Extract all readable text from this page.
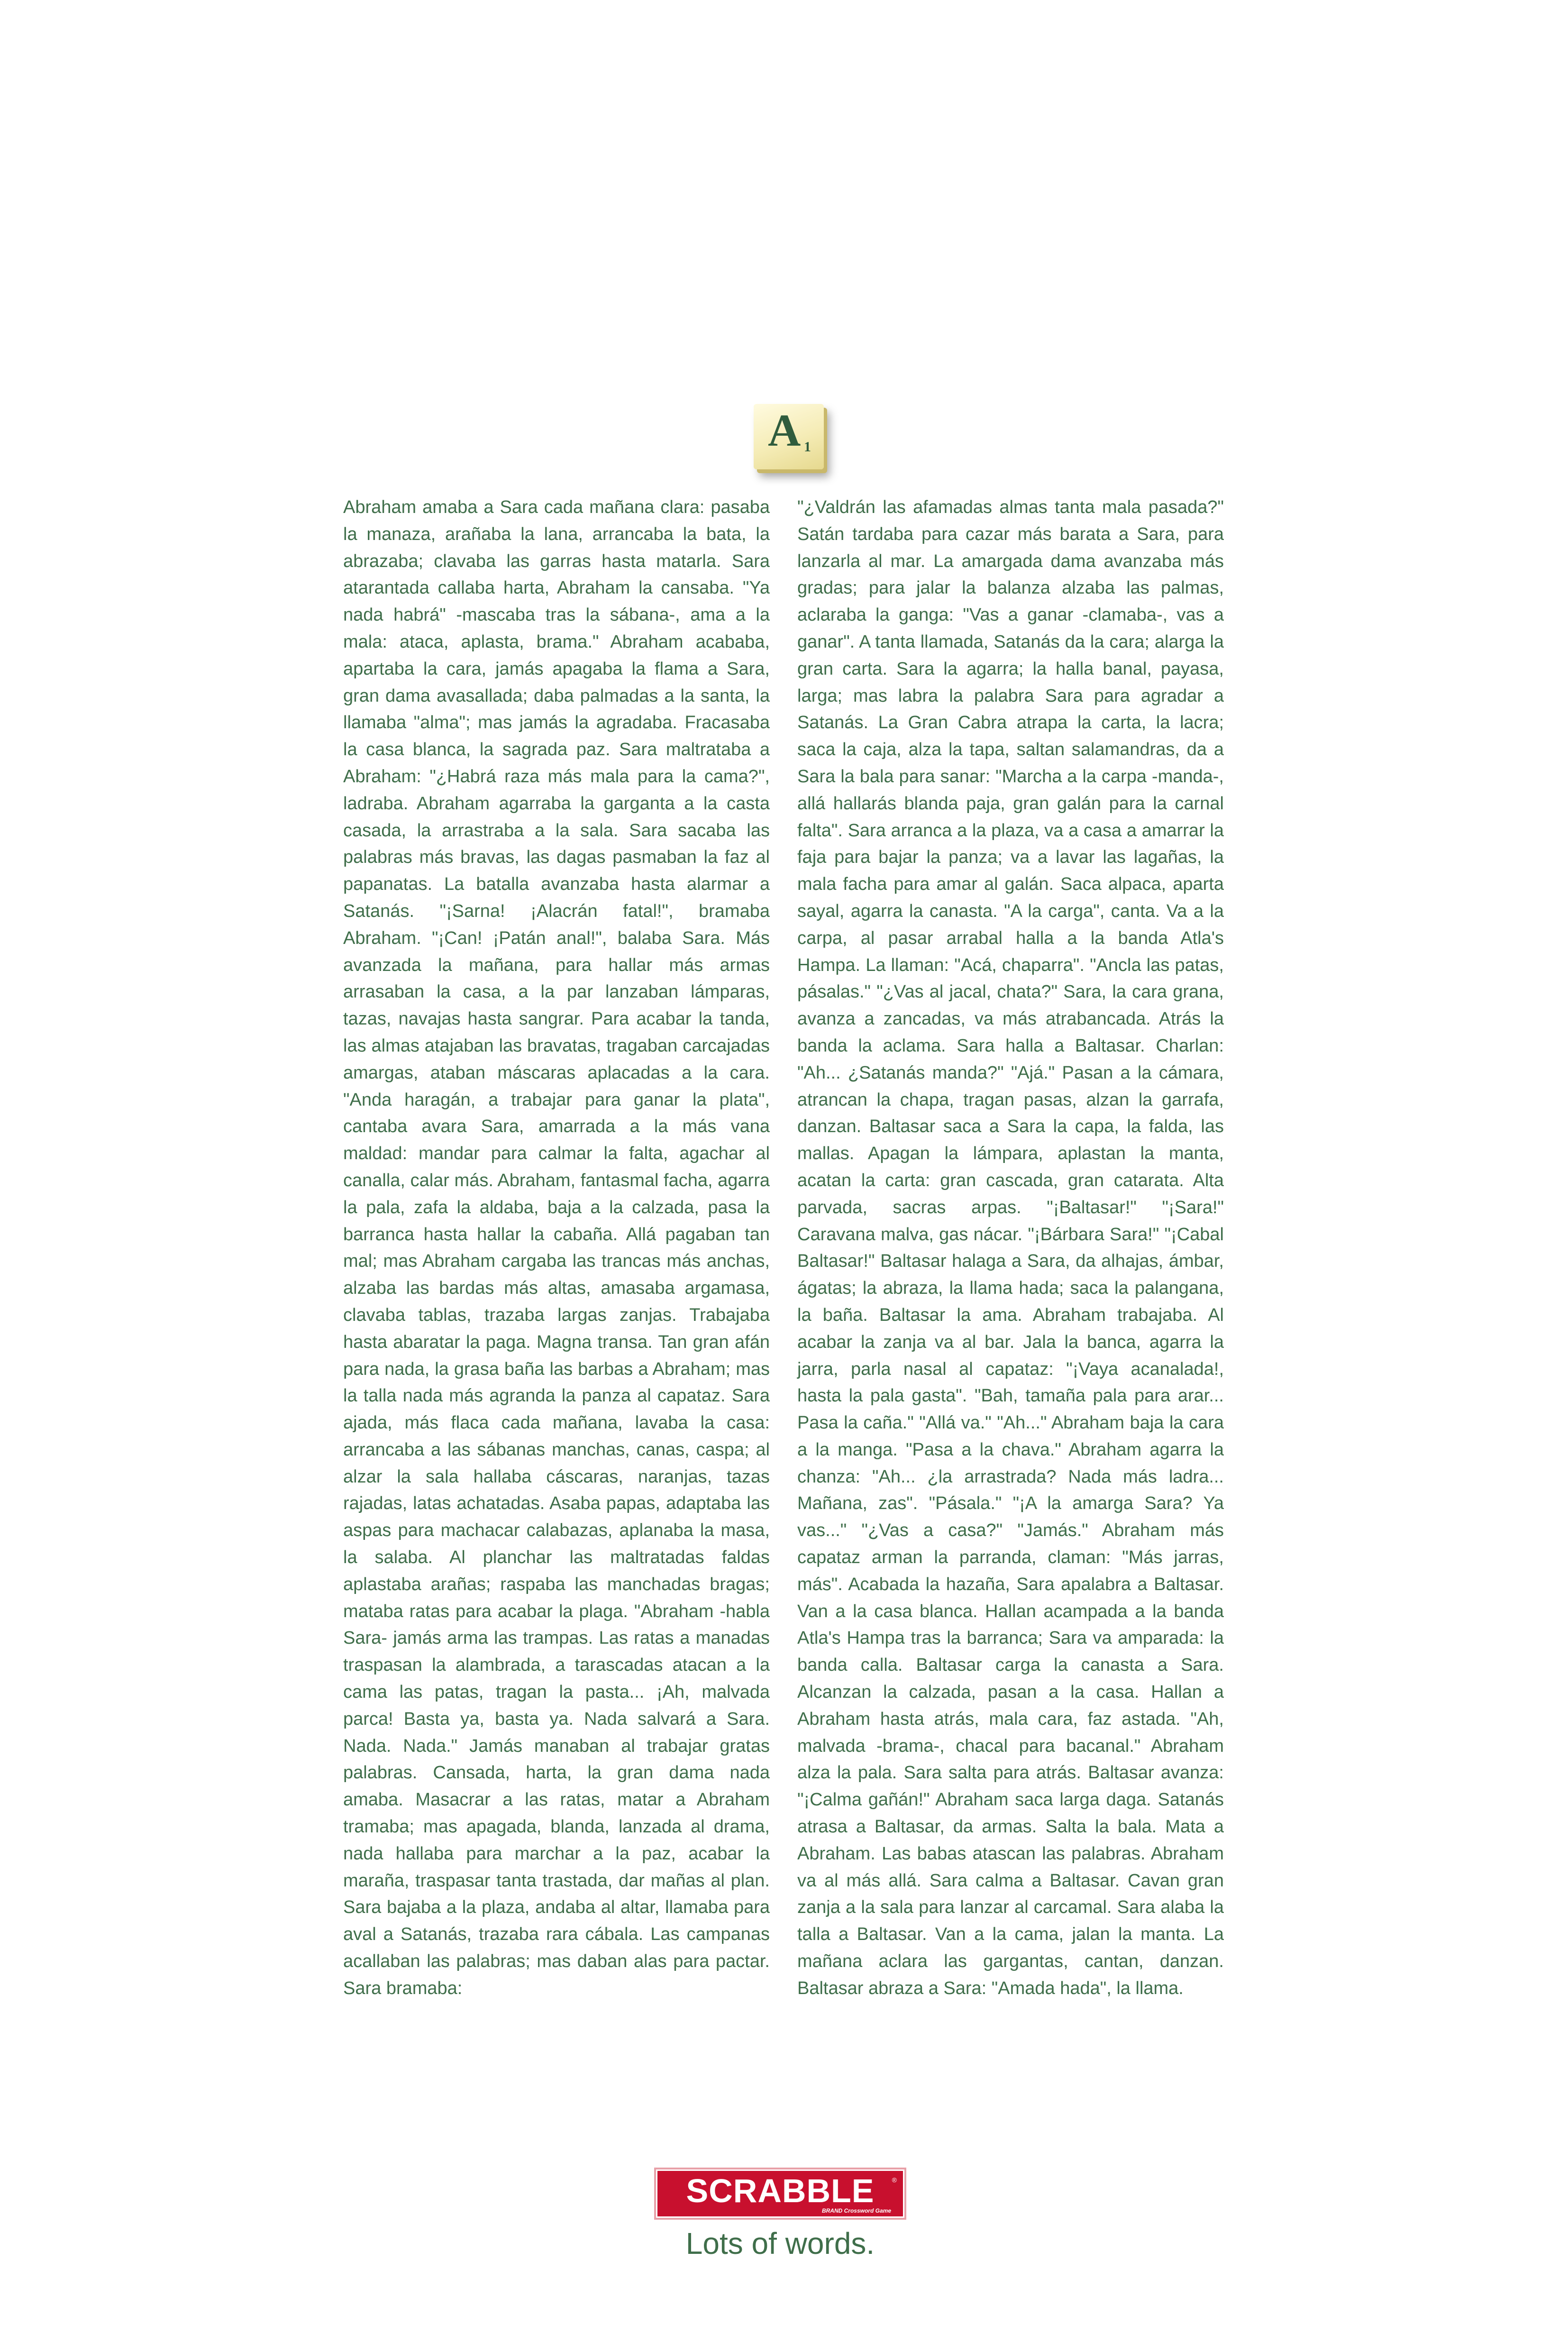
A 1

Abraham amaba a Sara cada mañana clara: pasaba la manaza, arañaba la lana, arrancaba la bata, la abrazaba; clavaba las garras hasta matarla. Sara atarantada callaba harta, Abraham la cansaba. "Ya nada habrá" -mascaba tras la sábana-, ama a la mala: ataca, aplasta, brama." Abraham acababa, apartaba la cara, jamás apagaba la flama a Sara, gran dama avasallada; daba palmadas a la santa, la llamaba "alma"; mas jamás la agradaba. Fracasaba la casa blanca, la sagrada paz. Sara maltrataba a Abraham: "¿Habrá raza más mala para la cama?", ladraba. Abraham agarraba la garganta a la casta casada, la arrastraba a la sala. Sara sacaba las palabras más bravas, las dagas pasmaban la faz al papanatas. La batalla avanzaba hasta alarmar a Satanás. "¡Sarna! ¡Alacrán fatal!", bramaba Abraham. "¡Can! ¡Patán anal!", balaba Sara. Más avanzada la mañana, para hallar más armas arrasaban la casa, a la par lanzaban lámparas, tazas, navajas hasta sangrar. Para acabar la tanda, las almas atajaban las bravatas, tragaban carcajadas amargas, ataban máscaras aplacadas a la cara. "Anda haragán, a trabajar para ganar la plata", cantaba avara Sara, amarrada a la más vana maldad: mandar para calmar la falta, agachar al canalla, calar más. Abraham, fantasmal facha, agarra la pala, zafa la aldaba, baja a la calzada, pasa la barranca hasta hallar la cabaña. Allá pagaban tan mal; mas Abraham cargaba las trancas más anchas, alzaba las bardas más altas, amasaba argamasa, clavaba tablas, trazaba largas zanjas. Trabajaba hasta abaratar la paga. Magna transa. Tan gran afán para nada, la grasa baña las barbas a Abraham; mas la talla nada más agranda la panza al capataz. Sara ajada, más flaca cada mañana, lavaba la casa: arrancaba a las sábanas manchas, canas, caspa; al alzar la sala hallaba cáscaras, naranjas, tazas rajadas, latas achatadas. Asaba papas, adaptaba las aspas para machacar calabazas, aplanaba la masa, la salaba. Al planchar las maltratadas faldas aplastaba arañas; raspaba las manchadas bragas; mataba ratas para acabar la plaga. "Abraham -habla Sara- jamás arma las trampas. Las ratas a manadas traspasan la alambrada, a tarascadas atacan a la cama las patas, tragan la pasta... ¡Ah, malvada parca! Basta ya, basta ya. Nada salvará a Sara. Nada. Nada." Jamás manaban al trabajar gratas palabras. Cansada, harta, la gran dama nada amaba. Masacrar a las ratas, matar a Abraham tramaba; mas apagada, blanda, lanzada al drama, nada hallaba para marchar a la paz, acabar la maraña, traspasar tanta trastada, dar mañas al plan. Sara bajaba a la plaza, andaba al altar, llamaba para aval a Satanás, trazaba rara cábala. Las campanas acallaban las palabras; mas daban alas para pactar. Sara bramaba:

"¿Valdrán las afamadas almas tanta mala pasada?" Satán tardaba para cazar más barata a Sara, para lanzarla al mar. La amargada dama avanzaba más gradas; para jalar la balanza alzaba las palmas, aclaraba la ganga: "Vas a ganar -clamaba-, vas a ganar". A tanta llamada, Satanás da la cara; alarga la gran carta. Sara la agarra; la halla banal, payasa, larga; mas labra la palabra Sara para agradar a Satanás. La Gran Cabra atrapa la carta, la lacra; saca la caja, alza la tapa, saltan salamandras, da a Sara la bala para sanar: "Marcha a la carpa -manda-, allá hallarás blanda paja, gran galán para la carnal falta". Sara arranca a la plaza, va a casa a amarrar la faja para bajar la panza; va a lavar las lagañas, la mala facha para amar al galán. Saca alpaca, aparta sayal, agarra la canasta. "A la carga", canta. Va a la carpa, al pasar arrabal halla a la banda Atla's Hampa. La llaman: "Acá, chaparra". "Ancla las patas, pásalas." "¿Vas al jacal, chata?" Sara, la cara grana, avanza a zancadas, va más atrabancada. Atrás la banda la aclama. Sara halla a Baltasar. Charlan: "Ah... ¿Satanás manda?" "Ajá." Pasan a la cámara, atrancan la chapa, tragan pasas, alzan la garrafa, danzan. Baltasar saca a Sara la capa, la falda, las mallas. Apagan la lámpara, aplastan la manta, acatan la carta: gran cascada, gran catarata. Alta parvada, sacras arpas. "¡Baltasar!" "¡Sara!" Caravana malva, gas nácar. "¡Bárbara Sara!" "¡Cabal Baltasar!" Baltasar halaga a Sara, da alhajas, ámbar, ágatas; la abraza, la llama hada; saca la palangana, la baña. Baltasar la ama. Abraham trabajaba. Al acabar la zanja va al bar. Jala la banca, agarra la jarra, parla nasal al capataz: "¡Vaya acanalada!, hasta la pala gasta". "Bah, tamaña pala para arar... Pasa la caña." "Allá va." "Ah..." Abraham baja la cara a la manga. "Pasa a la chava." Abraham agarra la chanza: "Ah... ¿la arrastrada? Nada más ladra... Mañana, zas". "Pásala." "¡A la amarga Sara? Ya vas..." "¿Vas a casa?" "Jamás." Abraham más capataz arman la parranda, claman: "Más jarras, más". Acabada la hazaña, Sara apalabra a Baltasar. Van a la casa blanca. Hallan acampada a la banda Atla's Hampa tras la barranca; Sara va amparada: la banda calla. Baltasar carga la canasta a Sara. Alcanzan la calzada, pasan a la casa. Hallan a Abraham hasta atrás, mala cara, faz astada. "Ah, malvada -brama-, chacal para bacanal." Abraham alza la pala. Sara salta para atrás. Baltasar avanza: "¡Calma gañán!" Abraham saca larga daga. Satanás atrasa a Baltasar, da armas. Salta la bala. Mata a Abraham. Las babas atascan las palabras. Abraham va al más allá. Sara calma a Baltasar. Cavan gran zanja a la sala para lanzar al carcamal. Sara alaba la talla a Baltasar. Van a la cama, jalan la manta. La mañana aclara las gargantas, cantan, danzan. Baltasar abraza a Sara: "Amada hada", la llama.

SCRABBLE	®
BRAND Crossword Game
Lots of words.
